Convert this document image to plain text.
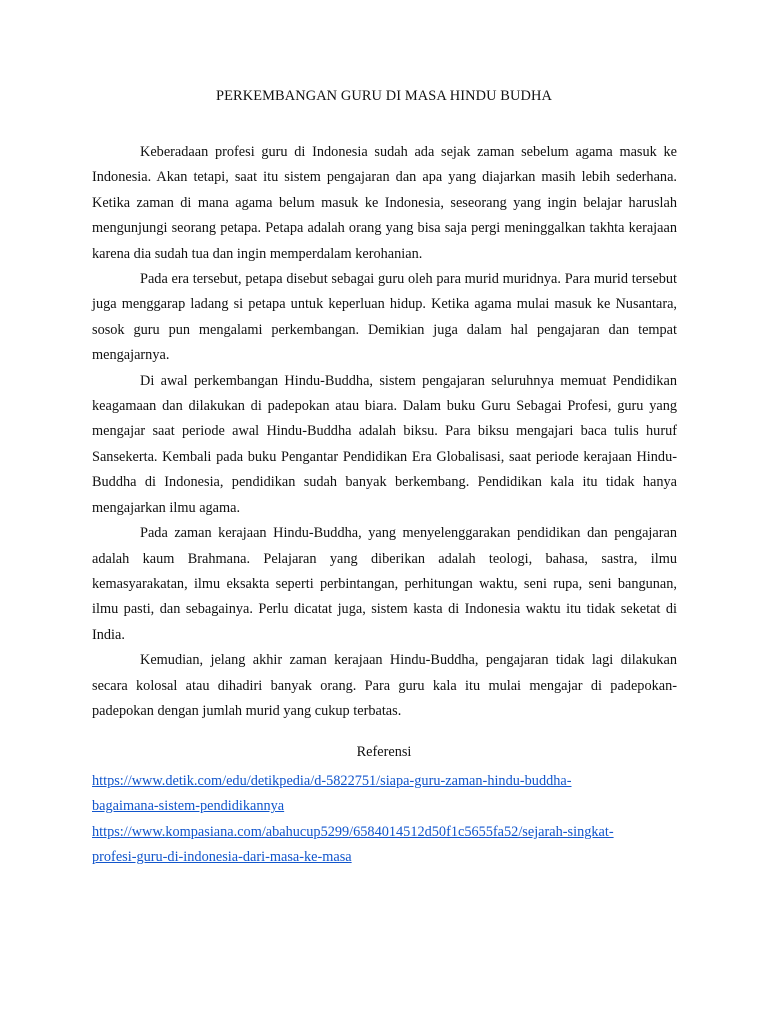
PERKEMBANGAN GURU DI MASA HINDU BUDHA

Keberadaan profesi guru di Indonesia sudah ada sejak zaman sebelum agama masuk ke Indonesia. Akan tetapi, saat itu sistem pengajaran dan apa yang diajarkan masih lebih sederhana. Ketika zaman di mana agama belum masuk ke Indonesia, seseorang yang ingin belajar haruslah mengunjungi seorang petapa. Petapa adalah orang yang bisa saja pergi meninggalkan takhta kerajaan karena dia sudah tua dan ingin memperdalam kerohanian.

Pada era tersebut, petapa disebut sebagai guru oleh para murid muridnya. Para murid tersebut juga menggarap ladang si petapa untuk keperluan hidup. Ketika agama mulai masuk ke Nusantara, sosok guru pun mengalami perkembangan. Demikian juga dalam hal pengajaran dan tempat mengajarnya.

Di awal perkembangan Hindu-Buddha, sistem pengajaran seluruhnya memuat Pendidikan keagamaan dan dilakukan di padepokan atau biara. Dalam buku Guru Sebagai Profesi, guru yang mengajar saat periode awal Hindu-Buddha adalah biksu. Para biksu mengajari baca tulis huruf Sansekerta. Kembali pada buku Pengantar Pendidikan Era Globalisasi, saat periode kerajaan Hindu-Buddha di Indonesia, pendidikan sudah banyak berkembang. Pendidikan kala itu tidak hanya mengajarkan ilmu agama.

Pada zaman kerajaan Hindu-Buddha, yang menyelenggarakan pendidikan dan pengajaran adalah kaum Brahmana. Pelajaran yang diberikan adalah teologi, bahasa, sastra, ilmu kemasyarakatan, ilmu eksakta seperti perbintangan, perhitungan waktu, seni rupa, seni bangunan, ilmu pasti, dan sebagainya. Perlu dicatat juga, sistem kasta di Indonesia waktu itu tidak seketat di India.

Kemudian, jelang akhir zaman kerajaan Hindu-Buddha, pengajaran tidak lagi dilakukan secara kolosal atau dihadiri banyak orang. Para guru kala itu mulai mengajar di padepokan-padepokan dengan jumlah murid yang cukup terbatas.

Referensi
https://www.detik.com/edu/detikpedia/d-5822751/siapa-guru-zaman-hindu-buddha-
bagaimana-sistem-pendidikannya
https://www.kompasiana.com/abahucup5299/6584014512d50f1c5655fa52/sejarah-singkat-
profesi-guru-di-indonesia-dari-masa-ke-masa
